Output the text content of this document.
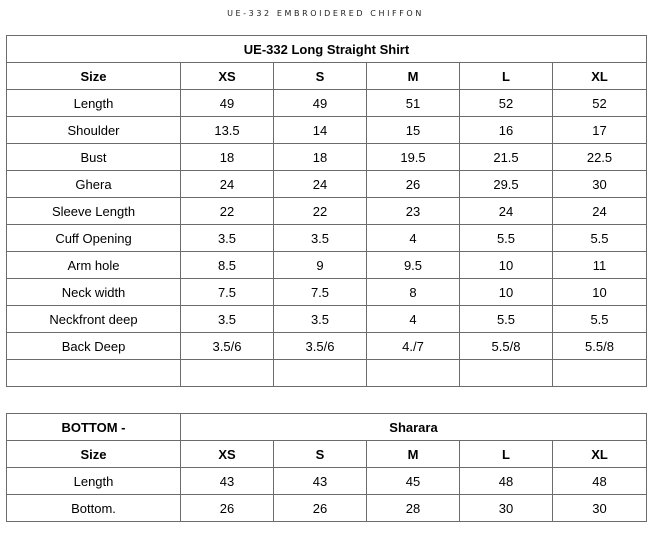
UE-332 EMBROIDERED CHIFFON
UE-332 Long Straight Shirt					
Size	XS	S	M	L	XL
Length	49	49	51	52	52
Shoulder	13.5	14	15	16	17
Bust	18	18	19.5	21.5	22.5
Ghera	24	24	26	29.5	30
Sleeve Length	22	22	23	24	24
Cuff Opening	3.5	3.5	4	5.5	5.5
Arm hole	8.5	9	9.5	10	11
Neck width	7.5	7.5	8	10	10
Neckfront deep	3.5	3.5	4	5.5	5.5
Back Deep	3.5/6	3.5/6	4./7	5.5/8	5.5/8

BOTTOM -	Sharara				
Size	XS	S	M	L	XL
Length	43	43	45	48	48
Bottom.	26	26	28	30	30
